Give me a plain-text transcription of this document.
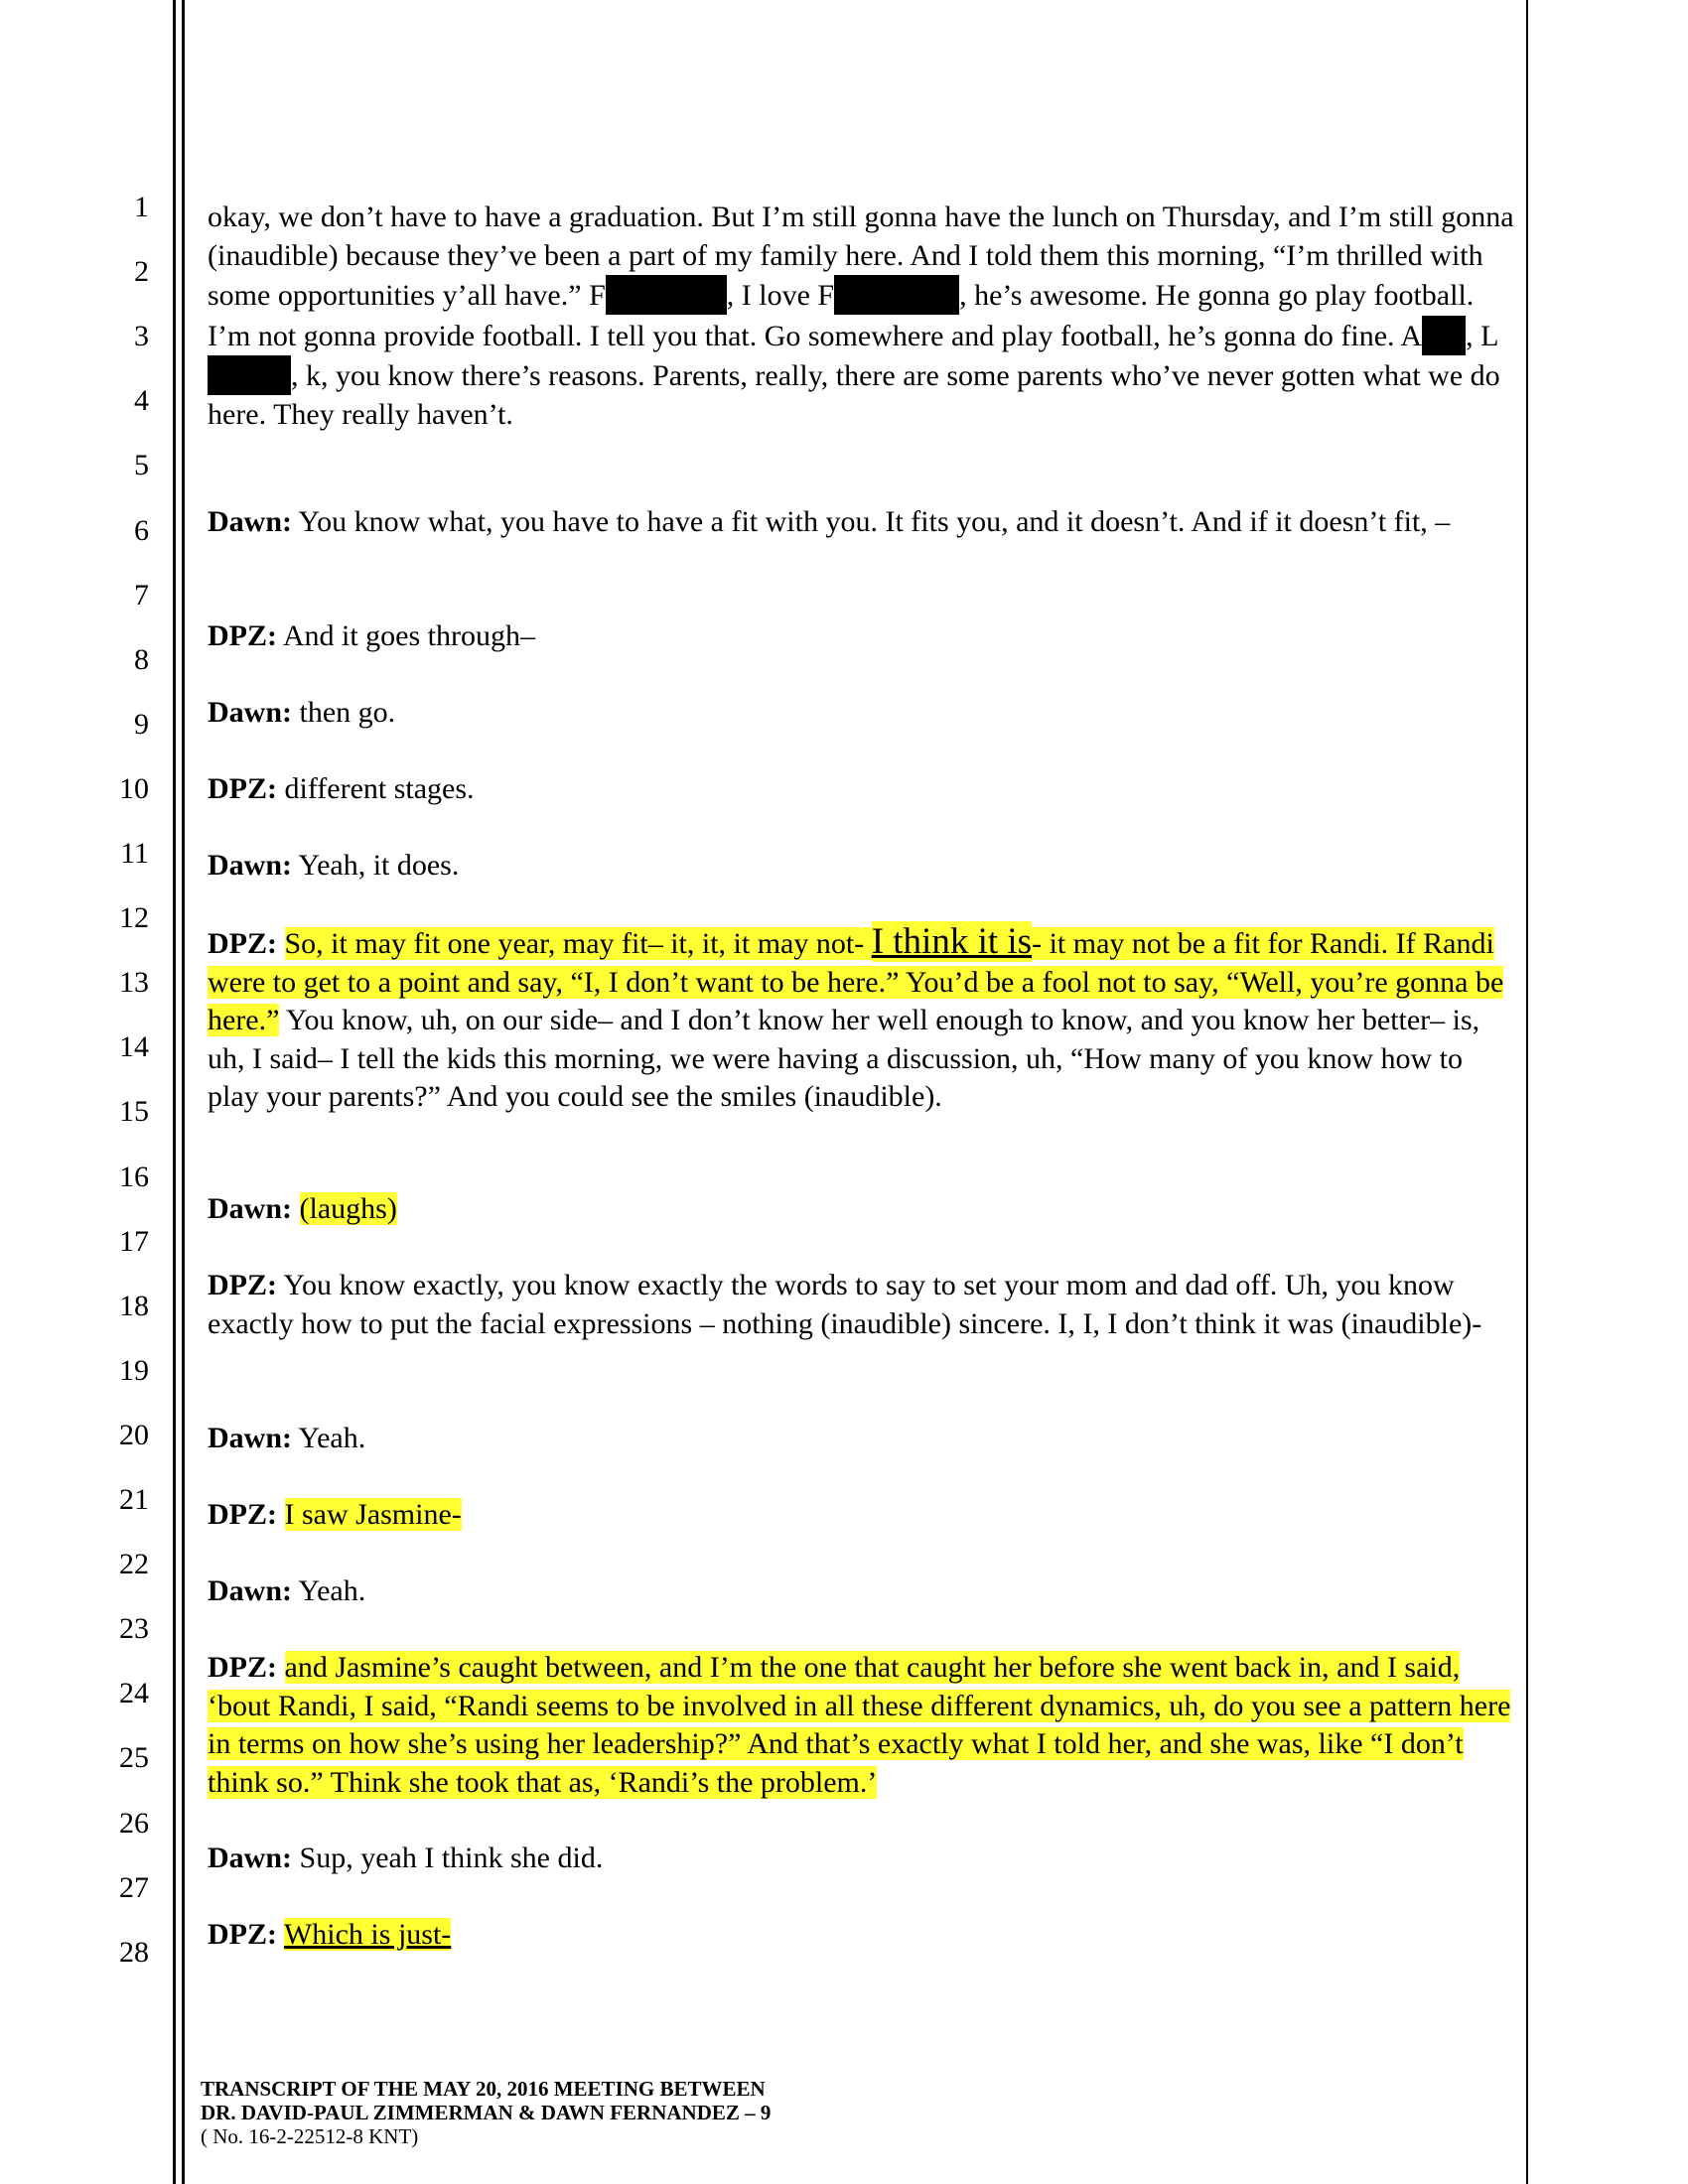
1
2
3
4
5
6
7
8
9
10
11
12
13
14
15
16
17
18
19
20
21
22
23
24
25
26
27
28
okay, we don’t have to have a graduation. But I’m still gonna have the lunch on Thursday, and I’m still gonna (inaudible) because they’ve been a part of my family here. And I told them this morning, “I’m thrilled with some opportunities y’all have.” F	, I love F	, he’s awesome. He gonna go play football. I’m not gonna provide football. I tell you that. Go somewhere and play football, he’s gonna do fine. A , L, k, you know there’s reasons. Parents, really, there are some parents who’ve never gotten what we do here. They really haven’t.
Dawn: You know what, you have to have a fit with you. It fits you, and it doesn’t. And if it doesn’t fit, –
DPZ: And it goes through–
Dawn: then go.
DPZ: different stages.
Dawn: Yeah, it does.
DPZ: So, it may fit one year, may fit– it, it, it may not- I think it is- it may not be a fit for Randi. If Randi were to get to a point and say, “I, I don’t want to be here.” You’d be a fool not to say, “Well, you’re gonna be here.” You know, uh, on our side– and I don’t know her well enough to know, and you know her better– is, uh, I said– I tell the kids this morning, we were having a discussion, uh, “How many of you know how to play your parents?” And you could see the smiles (inaudible).
Dawn: (laughs)
DPZ: You know exactly, you know exactly the words to say to set your mom and dad off. Uh, you know exactly how to put the facial expressions – nothing (inaudible) sincere. I, I, I don’t think it was (inaudible)-
Dawn: Yeah.
DPZ: I saw Jasmine-
Dawn: Yeah.
DPZ: and Jasmine’s caught between, and I’m the one that caught her before she went back in, and I said, ‘bout Randi, I said, “Randi seems to be involved in all these different dynamics, uh, do you see a pattern here in terms on how she’s using her leadership?” And that’s exactly what I told her, and she was, like “I don’t think so.” Think she took that as, ‘Randi’s the problem.’
Dawn: Sup, yeah I think she did.
DPZ: Which is just-
TRANSCRIPT OF THE MAY 20, 2016 MEETING BETWEEN
DR. DAVID-PAUL ZIMMERMAN & DAWN FERNANDEZ – 9
( No. 16-2-22512-8 KNT)
